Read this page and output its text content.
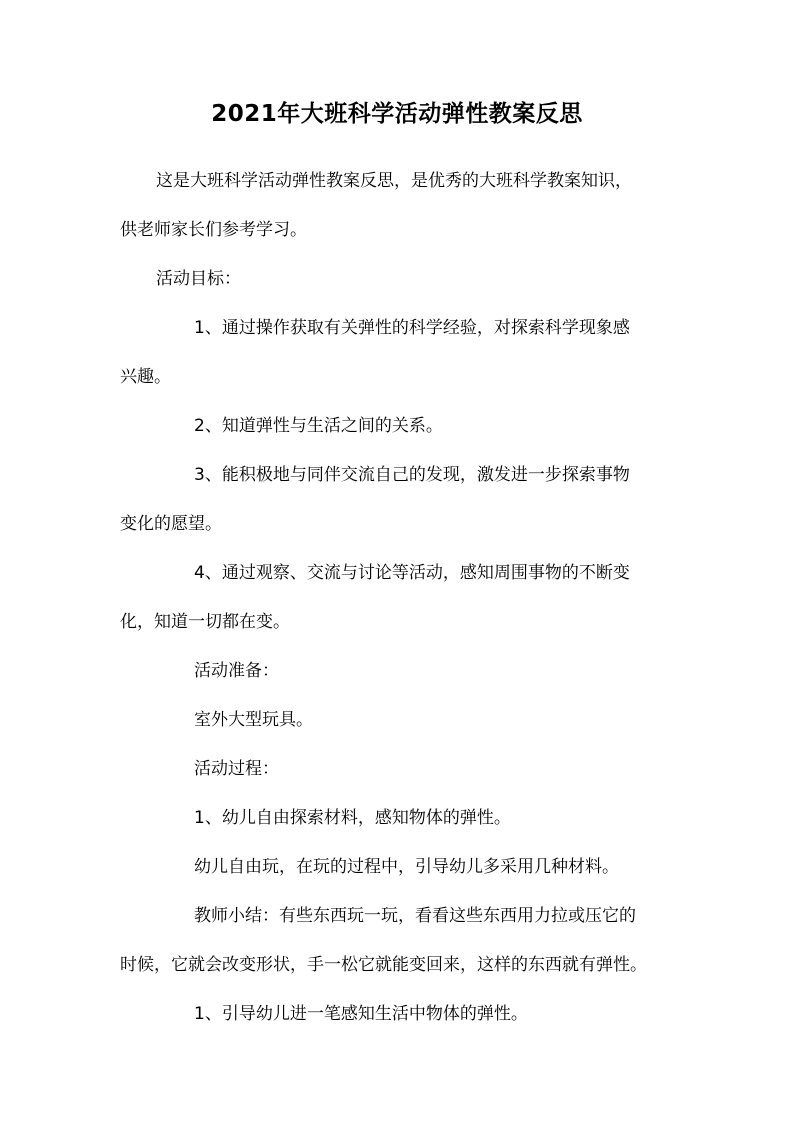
2021年大班科学活动弹性教案反思
这是大班科学活动弹性教案反思，是优秀的大班科学教案知识，
供老师家长们参考学习。
活动目标：
1、通过操作获取有关弹性的科学经验，对探索科学现象感
兴趣。
2、知道弹性与生活之间的关系。
3、能积极地与同伴交流自己的发现，激发进一步探索事物
变化的愿望。
4、通过观察、交流与讨论等活动，感知周围事物的不断变
化，知道一切都在变。
活动准备：
室外大型玩具。
活动过程：
1、幼儿自由探索材料，感知物体的弹性。
幼儿自由玩，在玩的过程中，引导幼儿多采用几种材料。
教师小结：有些东西玩一玩，看看这些东西用力拉或压它的
时候，它就会改变形状，手一松它就能变回来，这样的东西就有弹性。
1、引导幼儿进一笔感知生活中物体的弹性。
